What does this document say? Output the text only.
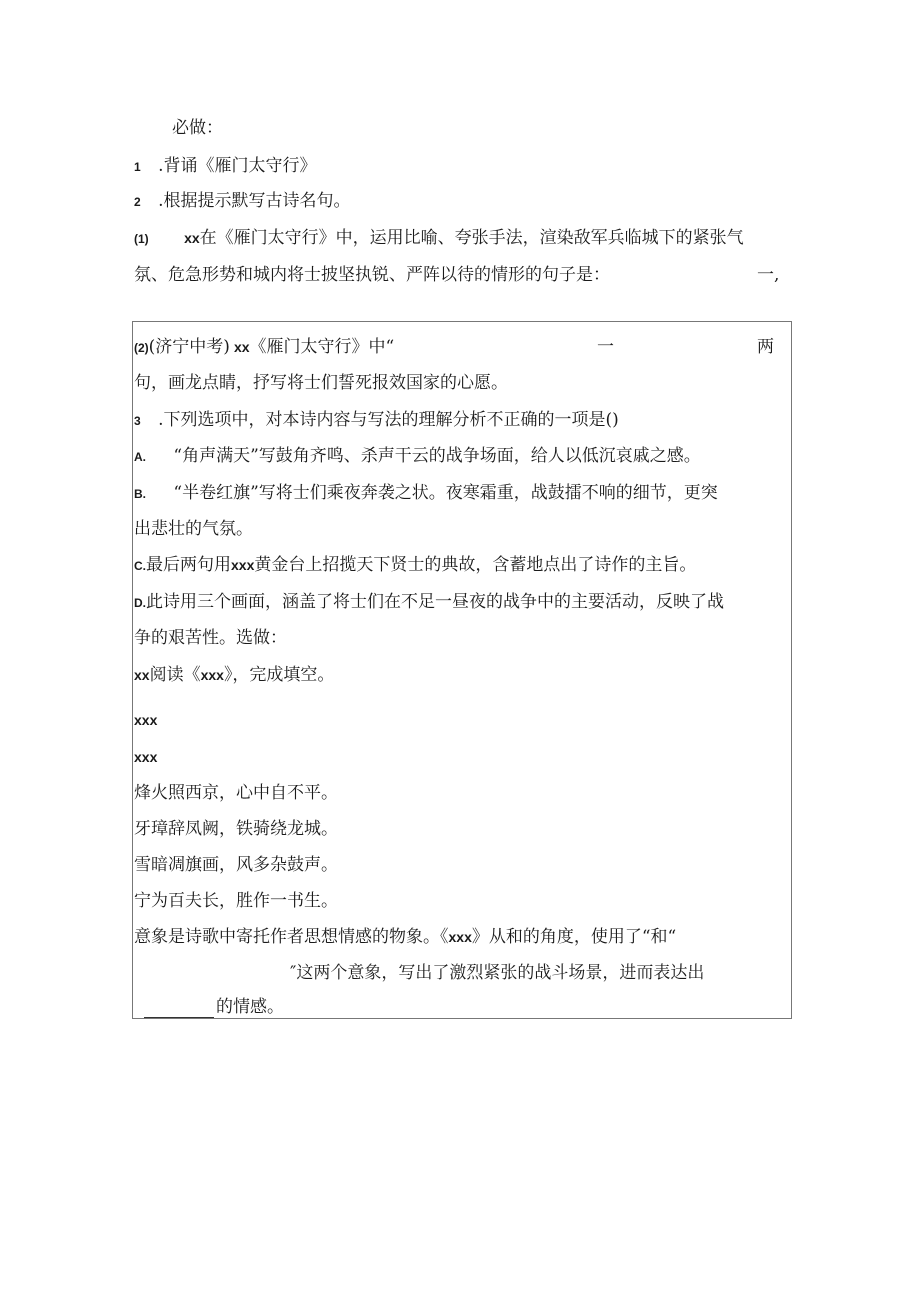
必做：
1 .背诵《雁门太守行》
2 .根据提示默写古诗名句。
(1)	xx在《雁门太守行》中，运用比喻、夸张手法，渲染敌军兵临城下的紧张气
氛、危急形势和城内将士披坚执锐、严阵以待的情形的句子是：	一,
(2)(济宁中考) xx《雁门太守行》中“	一	两
句，画龙点睛，抒写将士们誓死报效国家的心愿。
3 .下列选项中，对本诗内容与写法的理解分析不正确的一项是()
A. “角声满天”写鼓角齐鸣、杀声干云的战争场面，给人以低沉哀戚之感。
B. “半卷红旗”写将士们乘夜奔袭之状。夜寒霜重，战鼓擂不响的细节，更突
出悲壮的气氛。
C.最后两句用xxx黄金台上招揽天下贤士的典故，含蓄地点出了诗作的主旨。
D.此诗用三个画面，涵盖了将士们在不足一昼夜的战争中的主要活动，反映了战
争的艰苦性。选做：
xx阅读《xxx》，完成填空。
xxx
xxx
烽火照西京，心中自不平。
牙璋辞凤阙，铁骑绕龙城。
雪暗凋旗画，风多杂鼓声。
宁为百夫长，胜作一书生。
意象是诗歌中寄托作者思想情感的物象。《xxx》从和的角度，使用了“和“
″这两个意象，写出了激烈紧张的战斗场景，进而表达出
的情感。
